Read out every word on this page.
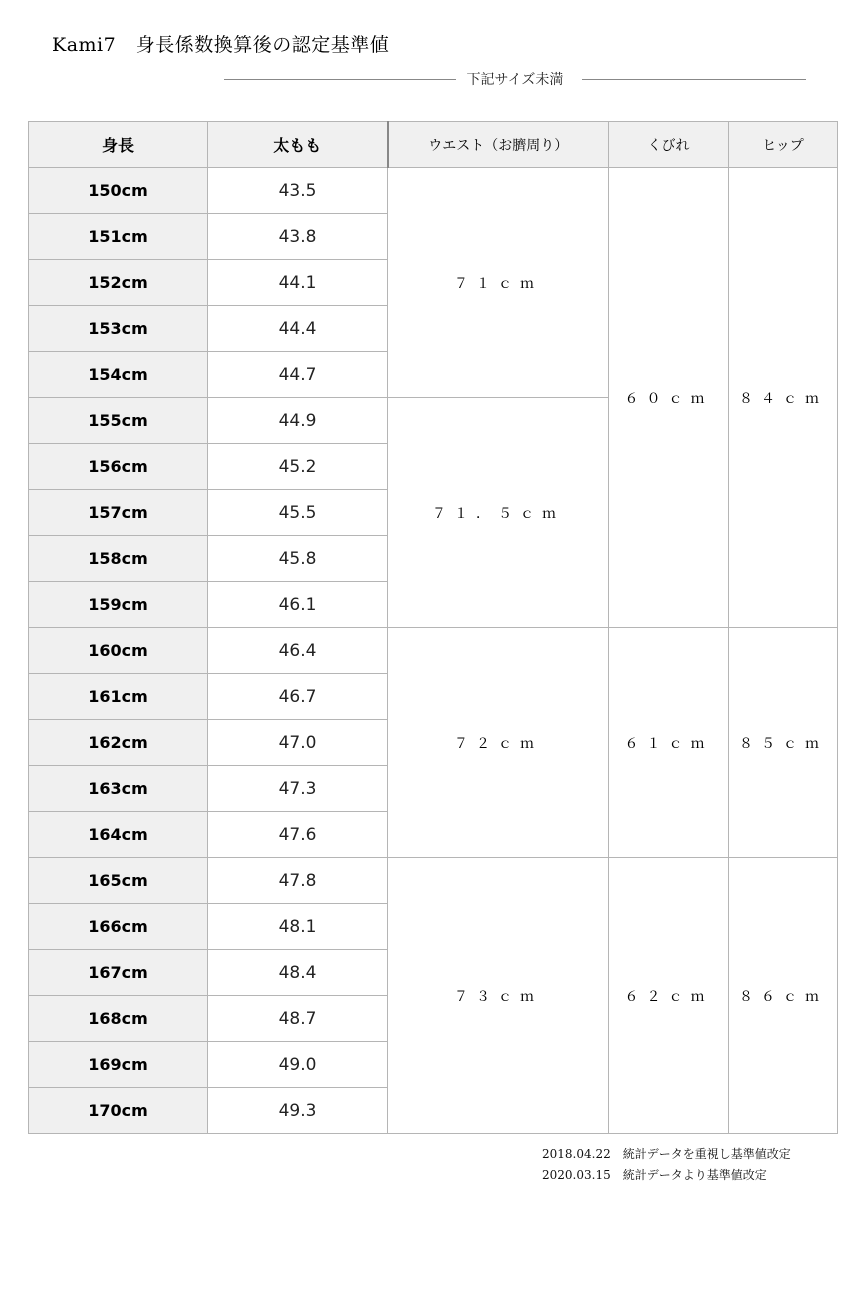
Kami7　身長係数換算後の認定基準値
下記サイズ未満
身長	太もも	ウエスト（お臍周り）	くびれ	ヒップ
150cm	43.5	７１ｃｍ	６０ｃｍ	８４ｃｍ
151cm	43.8			
152cm	44.1			
153cm	44.4			
154cm	44.7			
155cm	44.9	７１．５ｃｍ		
156cm	45.2			
157cm	45.5			
158cm	45.8			
159cm	46.1			
160cm	46.4	７２ｃｍ	６１ｃｍ	８５ｃｍ
161cm	46.7			
162cm	47.0			
163cm	47.3			
164cm	47.6			
165cm	47.8	７３ｃｍ	６２ｃｍ	８６ｃｍ
166cm	48.1			
167cm	48.4			
168cm	48.7			
169cm	49.0			
170cm	49.3			
2018.04.22　統計データを重視し基準値改定
2020.03.15　統計データより基準値改定
